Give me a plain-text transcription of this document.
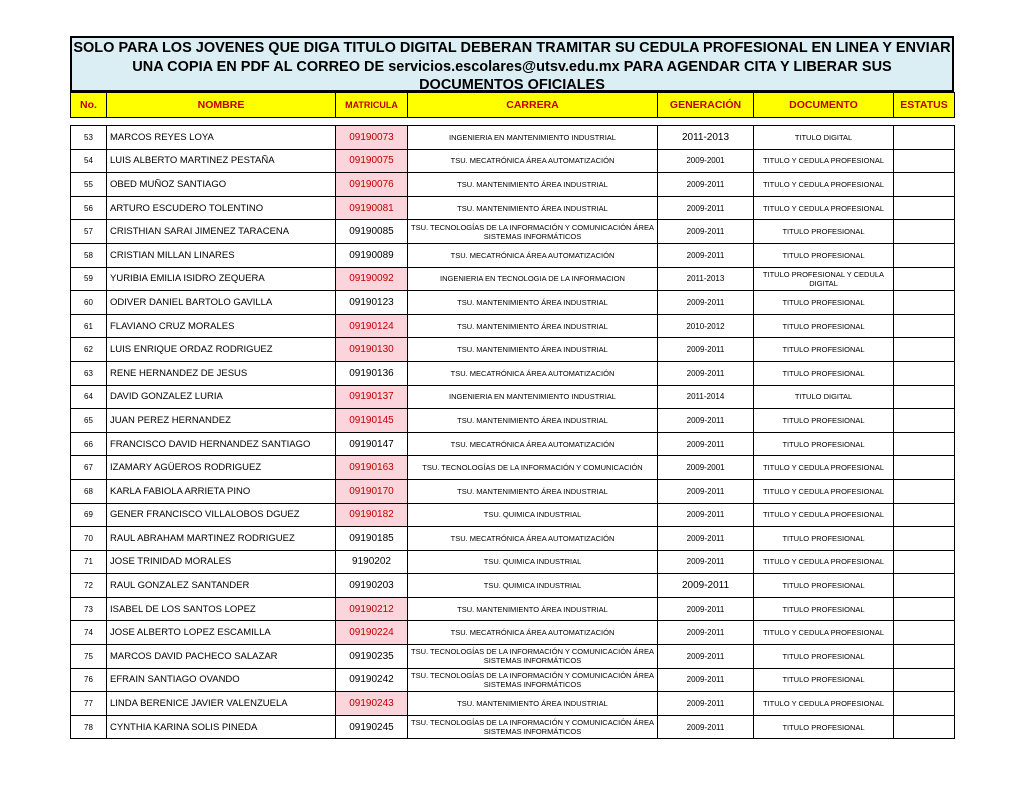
SOLO PARA LOS JOVENES QUE DIGA TITULO DIGITAL DEBERAN TRAMITAR SU CEDULA PROFESIONAL EN LINEA Y ENVIAR
UNA COPIA EN PDF AL CORREO DE servicios.escolares@utsv.edu.mx PARA AGENDAR CITA Y LIBERAR SUS
DOCUMENTOS OFICIALES
No.	NOMBRE	MATRICULA	CARRERA	GENERACIÓN	DOCUMENTO	ESTATUS

53	MARCOS REYES LOYA	09190073	INGENIERIA EN MANTENIMIENTO INDUSTRIAL	2011-2013	TITULO DIGITAL	
54	LUIS ALBERTO MARTINEZ PESTAÑA	09190075	TSU. MECATRÓNICA ÁREA AUTOMATIZACIÓN	2009-2001	TITULO Y CEDULA PROFESIONAL	
55	OBED MUÑOZ SANTIAGO	09190076	TSU. MANTENIMIENTO ÁREA INDUSTRIAL	2009-2011	TITULO Y CEDULA PROFESIONAL	
56	ARTURO ESCUDERO TOLENTINO	09190081	TSU. MANTENIMIENTO ÁREA INDUSTRIAL	2009-2011	TITULO Y CEDULA PROFESIONAL	
57	CRISTHIAN SARAI JIMENEZ TARACENA	09190085	TSU. TECNOLOGÍAS DE LA INFORMACIÓN Y COMUNICACIÓN ÁREA SISTEMAS INFORMÁTICOS	2009-2011	TITULO PROFESIONAL	
58	CRISTIAN MILLAN LINARES	09190089	TSU. MECATRÓNICA ÁREA AUTOMATIZACIÓN	2009-2011	TITULO PROFESIONAL	
59	YURIBIA EMILIA ISIDRO ZEQUERA	09190092	INGENIERIA EN TECNOLOGIA DE LA INFORMACION	2011-2013	TITULO PROFESIONAL Y CEDULA DIGITAL	
60	ODIVER DANIEL BARTOLO GAVILLA	09190123	TSU. MANTENIMIENTO ÁREA INDUSTRIAL	2009-2011	TITULO PROFESIONAL	
61	FLAVIANO CRUZ MORALES	09190124	TSU. MANTENIMIENTO ÁREA INDUSTRIAL	2010-2012	TITULO PROFESIONAL	
62	LUIS ENRIQUE ORDAZ RODRIGUEZ	09190130	TSU. MANTENIMIENTO ÁREA INDUSTRIAL	2009-2011	TITULO PROFESIONAL	
63	RENE HERNANDEZ DE JESUS	09190136	TSU. MECATRÓNICA ÁREA AUTOMATIZACIÓN	2009-2011	TITULO PROFESIONAL	
64	DAVID GONZALEZ LURIA	09190137	INGENIERIA EN MANTENIMIENTO INDUSTRIAL	2011-2014	TITULO DIGITAL	
65	JUAN PEREZ HERNANDEZ	09190145	TSU. MANTENIMIENTO ÁREA INDUSTRIAL	2009-2011	TITULO PROFESIONAL	
66	FRANCISCO DAVID HERNANDEZ SANTIAGO	09190147	TSU. MECATRÓNICA ÁREA AUTOMATIZACIÓN	2009-2011	TITULO PROFESIONAL	
67	IZAMARY AGÜEROS RODRIGUEZ	09190163	TSU. TECNOLOGÍAS DE LA INFORMACIÓN Y COMUNICACIÓN	2009-2001	TITULO Y CEDULA PROFESIONAL	
68	KARLA FABIOLA ARRIETA PINO	09190170	TSU. MANTENIMIENTO ÁREA INDUSTRIAL	2009-2011	TITULO Y CEDULA PROFESIONAL	
69	GENER FRANCISCO VILLALOBOS DGUEZ	09190182	TSU. QUIMICA INDUSTRIAL	2009-2011	TITULO Y CEDULA PROFESIONAL	
70	RAUL ABRAHAM MARTINEZ RODRIGUEZ	09190185	TSU. MECATRÓNICA ÁREA AUTOMATIZACIÓN	2009-2011	TITULO PROFESIONAL	
71	JOSE TRINIDAD MORALES	9190202	TSU. QUIMICA INDUSTRIAL	2009-2011	TITULO Y CEDULA PROFESIONAL	
72	RAUL GONZALEZ SANTANDER	09190203	TSU. QUIMICA INDUSTRIAL	2009-2011	TITULO PROFESIONAL	
73	ISABEL DE LOS SANTOS LOPEZ	09190212	TSU. MANTENIMIENTO ÁREA INDUSTRIAL	2009-2011	TITULO PROFESIONAL	
74	JOSE ALBERTO LOPEZ ESCAMILLA	09190224	TSU. MECATRÓNICA ÁREA AUTOMATIZACIÓN	2009-2011	TITULO Y CEDULA PROFESIONAL	
75	MARCOS DAVID PACHECO SALAZAR	09190235	TSU. TECNOLOGÍAS DE LA INFORMACIÓN Y COMUNICACIÓN ÁREA SISTEMAS INFORMÁTICOS	2009-2011	TITULO PROFESIONAL	
76	EFRAIN SANTIAGO OVANDO	09190242	TSU. TECNOLOGÍAS DE LA INFORMACIÓN Y COMUNICACIÓN ÁREA SISTEMAS INFORMÁTICOS	2009-2011	TITULO PROFESIONAL	
77	LINDA BERENICE JAVIER VALENZUELA	09190243	TSU. MANTENIMIENTO ÁREA INDUSTRIAL	2009-2011	TITULO Y CEDULA PROFESIONAL	
78	CYNTHIA KARINA SOLIS PINEDA	09190245	TSU. TECNOLOGÍAS DE LA INFORMACIÓN Y COMUNICACIÓN ÁREA SISTEMAS INFORMÁTICOS	2009-2011	TITULO PROFESIONAL	
